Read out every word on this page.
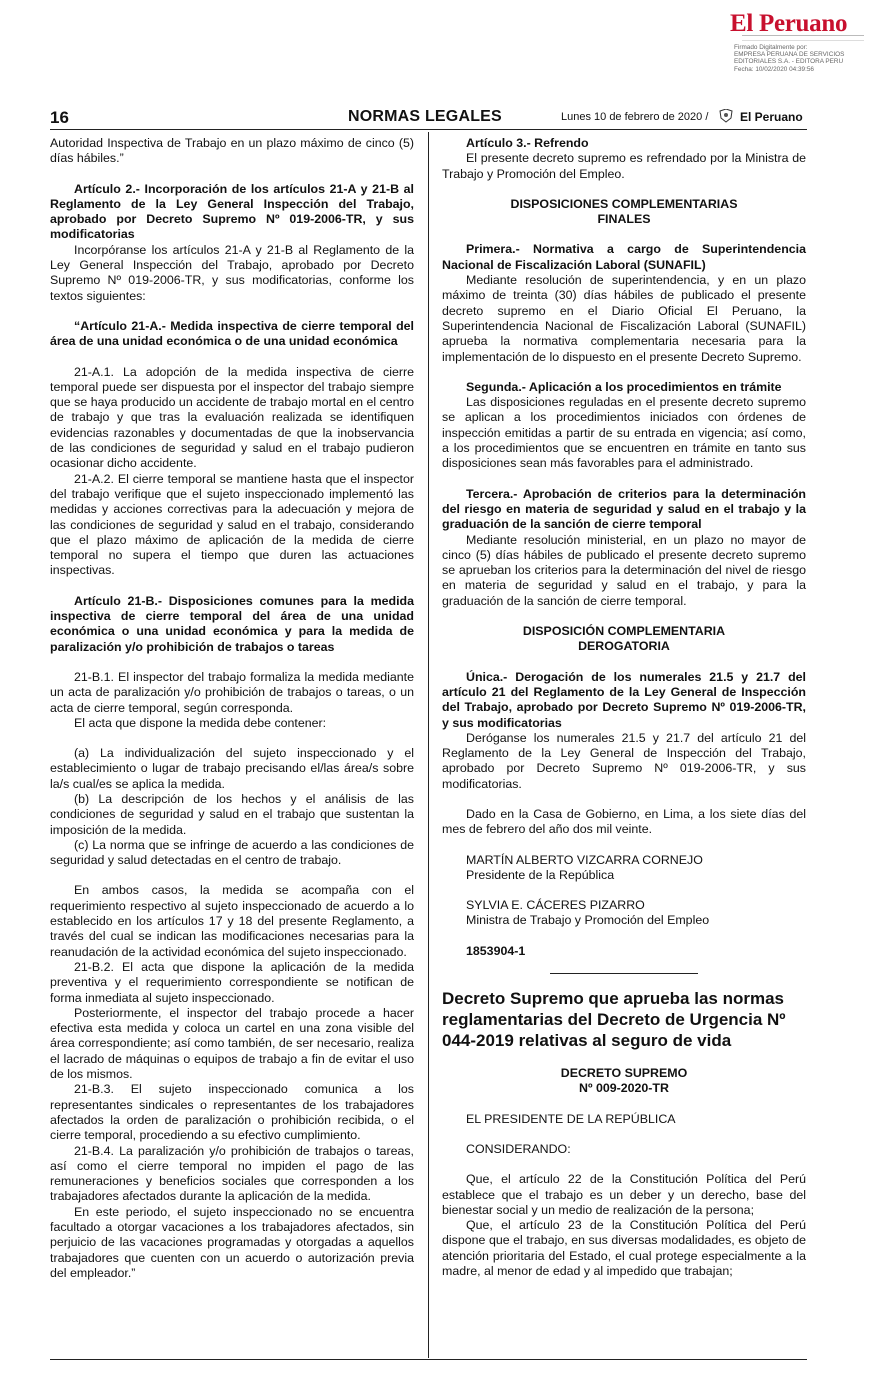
El Peruano
Firmado Digitalmente por:
EMPRESA PERUANA DE SERVICIOS
EDITORIALES S.A. - EDITORA PERU
Fecha: 10/02/2020 04:39:56
16	NORMAS LEGALES	Lunes 10 de febrero de 2020 /	El Peruano

Autoridad Inspectiva de Trabajo en un plazo máximo de cinco (5) días hábiles.”

Artículo 2.- Incorporación de los artículos 21-A y 21-B al Reglamento de la Ley General Inspección del Trabajo, aprobado por Decreto Supremo Nº 019-2006-TR, y sus modificatorias

Incorpóranse los artículos 21-A y 21-B al Reglamento de la Ley General Inspección del Trabajo, aprobado por Decreto Supremo Nº 019-2006-TR, y sus modificatorias, conforme los textos siguientes:

“Artículo 21-A.- Medida inspectiva de cierre temporal del área de una unidad económica o de una unidad económica

21-A.1. La adopción de la medida inspectiva de cierre temporal puede ser dispuesta por el inspector del trabajo siempre que se haya producido un accidente de trabajo mortal en el centro de trabajo y que tras la evaluación realizada se identifiquen evidencias razonables y documentadas de que la inobservancia de las condiciones de seguridad y salud en el trabajo pudieron ocasionar dicho accidente.

21-A.2. El cierre temporal se mantiene hasta que el inspector del trabajo verifique que el sujeto inspeccionado implementó las medidas y acciones correctivas para la adecuación y mejora de las condiciones de seguridad y salud en el trabajo, considerando que el plazo máximo de aplicación de la medida de cierre temporal no supera el tiempo que duren las actuaciones inspectivas.

Artículo 21-B.- Disposiciones comunes para la medida inspectiva de cierre temporal del área de una unidad económica o una unidad económica y para la medida de paralización y/o prohibición de trabajos o tareas

21-B.1. El inspector del trabajo formaliza la medida mediante un acta de paralización y/o prohibición de trabajos o tareas, o un acta de cierre temporal, según corresponda.

El acta que dispone la medida debe contener:

(a) La individualización del sujeto inspeccionado y el establecimiento o lugar de trabajo precisando el/las área/s sobre la/s cual/es se aplica la medida.

(b) La descripción de los hechos y el análisis de las condiciones de seguridad y salud en el trabajo que sustentan la imposición de la medida.

(c) La norma que se infringe de acuerdo a las condiciones de seguridad y salud detectadas en el centro de trabajo.

En ambos casos, la medida se acompaña con el requerimiento respectivo al sujeto inspeccionado de acuerdo a lo establecido en los artículos 17 y 18 del presente Reglamento, a través del cual se indican las modificaciones necesarias para la reanudación de la actividad económica del sujeto inspeccionado.

21-B.2. El acta que dispone la aplicación de la medida preventiva y el requerimiento correspondiente se notifican de forma inmediata al sujeto inspeccionado.

Posteriormente, el inspector del trabajo procede a hacer efectiva esta medida y coloca un cartel en una zona visible del área correspondiente; así como también, de ser necesario, realiza el lacrado de máquinas o equipos de trabajo a fin de evitar el uso de los mismos.

21-B.3. El sujeto inspeccionado comunica a los representantes sindicales o representantes de los trabajadores afectados la orden de paralización o prohibición recibida, o el cierre temporal, procediendo a su efectivo cumplimiento.

21-B.4. La paralización y/o prohibición de trabajos o tareas, así como el cierre temporal no impiden el pago de las remuneraciones y beneficios sociales que corresponden a los trabajadores afectados durante la aplicación de la medida.

En este periodo, el sujeto inspeccionado no se encuentra facultado a otorgar vacaciones a los trabajadores afectados, sin perjuicio de las vacaciones programadas y otorgadas a aquellos trabajadores que cuenten con un acuerdo o autorización previa del empleador.”

Artículo 3.- Refrendo

El presente decreto supremo es refrendado por la Ministra de Trabajo y Promoción del Empleo.

DISPOSICIONES COMPLEMENTARIAS FINALES

Primera.- Normativa a cargo de Superintendencia Nacional de Fiscalización Laboral (SUNAFIL)

Mediante resolución de superintendencia, y en un plazo máximo de treinta (30) días hábiles de publicado el presente decreto supremo en el Diario Oficial El Peruano, la Superintendencia Nacional de Fiscalización Laboral (SUNAFIL) aprueba la normativa complementaria necesaria para la implementación de lo dispuesto en el presente Decreto Supremo.

Segunda.- Aplicación a los procedimientos en trámite

Las disposiciones reguladas en el presente decreto supremo se aplican a los procedimientos iniciados con órdenes de inspección emitidas a partir de su entrada en vigencia; así como, a los procedimientos que se encuentren en trámite en tanto sus disposiciones sean más favorables para el administrado.

Tercera.- Aprobación de criterios para la determinación del riesgo en materia de seguridad y salud en el trabajo y la graduación de la sanción de cierre temporal

Mediante resolución ministerial, en un plazo no mayor de cinco (5) días hábiles de publicado el presente decreto supremo se aprueban los criterios para la determinación del nivel de riesgo en materia de seguridad y salud en el trabajo, y para la graduación de la sanción de cierre temporal.

DISPOSICIÓN COMPLEMENTARIA DEROGATORIA

Única.- Derogación de los numerales 21.5 y 21.7 del artículo 21 del Reglamento de la Ley General de Inspección del Trabajo, aprobado por Decreto Supremo Nº 019-2006-TR, y sus modificatorias

Deróganse los numerales 21.5 y 21.7 del artículo 21 del Reglamento de la Ley General de Inspección del Trabajo, aprobado por Decreto Supremo Nº 019-2006-TR, y sus modificatorias.

Dado en la Casa de Gobierno, en Lima, a los siete días del mes de febrero del año dos mil veinte.

MARTÍN ALBERTO VIZCARRA CORNEJO

Presidente de la República

SYLVIA E. CÁCERES PIZARRO

Ministra de Trabajo y Promoción del Empleo

1853904-1

Decreto Supremo que aprueba las normas reglamentarias del Decreto de Urgencia Nº 044-2019 relativas al seguro de vida

DECRETO SUPREMO

Nº 009-2020-TR

EL PRESIDENTE DE LA REPÚBLICA

CONSIDERANDO:

Que, el artículo 22 de la Constitución Política del Perú establece que el trabajo es un deber y un derecho, base del bienestar social y un medio de realización de la persona;

Que, el artículo 23 de la Constitución Política del Perú dispone que el trabajo, en sus diversas modalidades, es objeto de atención prioritaria del Estado, el cual protege especialmente a la madre, al menor de edad y al impedido que trabajan;
